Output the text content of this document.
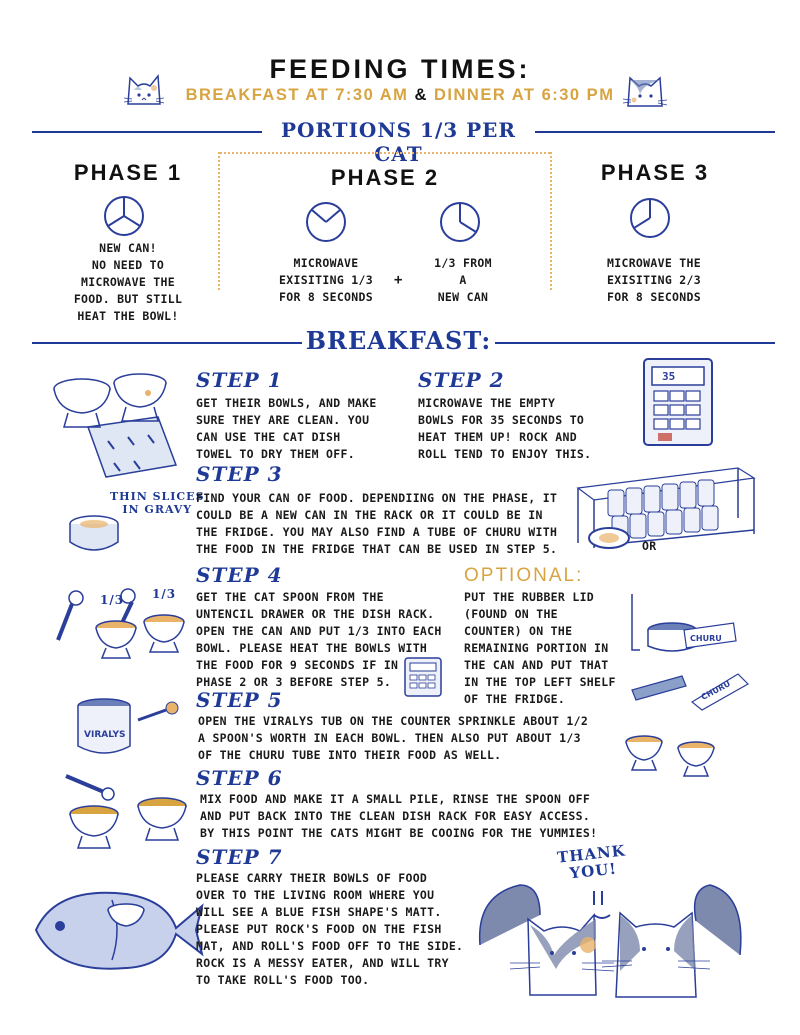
FEEDING TIMES:
BREAKFAST AT 7:30 AM & DINNER AT 6:30 PM
PORTIONS 1/3 PER CAT
PHASE 1
NEW CAN!
NO NEED TO
MICROWAVE THE
FOOD. BUT STILL
HEAT THE BOWL!
PHASE 2
MICROWAVE
EXISITING 1/3
FOR 8 SECONDS
+
1/3 FROM
A
NEW CAN
PHASE 3
MICROWAVE THE
EXISITING 2/3
FOR 8 SECONDS
BREAKFAST:
35
THIN SLICES
IN GRAVY
OR
1/3 1/3
CHURU
CHURU
VIRALYS
THANK
YOU!
STEP 1
GET THEIR BOWLS, AND MAKE
SURE THEY ARE CLEAN. YOU
CAN USE THE CAT DISH
TOWEL TO DRY THEM OFF.
STEP 2
MICROWAVE THE EMPTY
BOWLS FOR 35 SECONDS TO
HEAT THEM UP! ROCK AND
ROLL TEND TO ENJOY THIS.
STEP 3
FIND YOUR CAN OF FOOD. DEPENDIING ON THE PHASE, IT
COULD BE A NEW CAN IN THE RACK OR IT COULD BE IN
THE FRIDGE. YOU MAY ALSO FIND A TUBE OF CHURU WITH
THE FOOD IN THE FRIDGE THAT CAN BE USED IN STEP 5.
STEP 4
GET THE CAT SPOON FROM THE
UNTENCIL DRAWER OR THE DISH RACK.
OPEN THE CAN AND PUT 1/3 INTO EACH
BOWL. PLEASE HEAT THE BOWLS WITH
THE FOOD FOR 9 SECONDS IF IN
PHASE 2 OR 3 BEFORE STEP 5.
OPTIONAL:
PUT THE RUBBER LID
(FOUND ON THE
COUNTER) ON THE
REMAINING PORTION IN
THE CAN AND PUT THAT
IN THE TOP LEFT SHELF
OF THE FRIDGE.
STEP 5
OPEN THE VIRALYS TUB ON THE COUNTER SPRINKLE ABOUT 1/2
A SPOON'S WORTH IN EACH BOWL. THEN ALSO PUT ABOUT 1/3
OF THE CHURU TUBE INTO THEIR FOOD AS WELL.
STEP 6
MIX FOOD AND MAKE IT A SMALL PILE, RINSE THE SPOON OFF
AND PUT BACK INTO THE CLEAN DISH RACK FOR EASY ACCESS.
BY THIS POINT THE CATS MIGHT BE COOING FOR THE YUMMIES!
STEP 7
PLEASE CARRY THEIR BOWLS OF FOOD
OVER TO THE LIVING ROOM WHERE YOU
WILL SEE A BLUE FISH SHAPE'S MATT.
PLEASE PUT ROCK'S FOOD ON THE FISH
MAT, AND ROLL'S FOOD OFF TO THE SIDE.
ROCK IS A MESSY EATER, AND WILL TRY
TO TAKE ROLL'S FOOD TOO.
